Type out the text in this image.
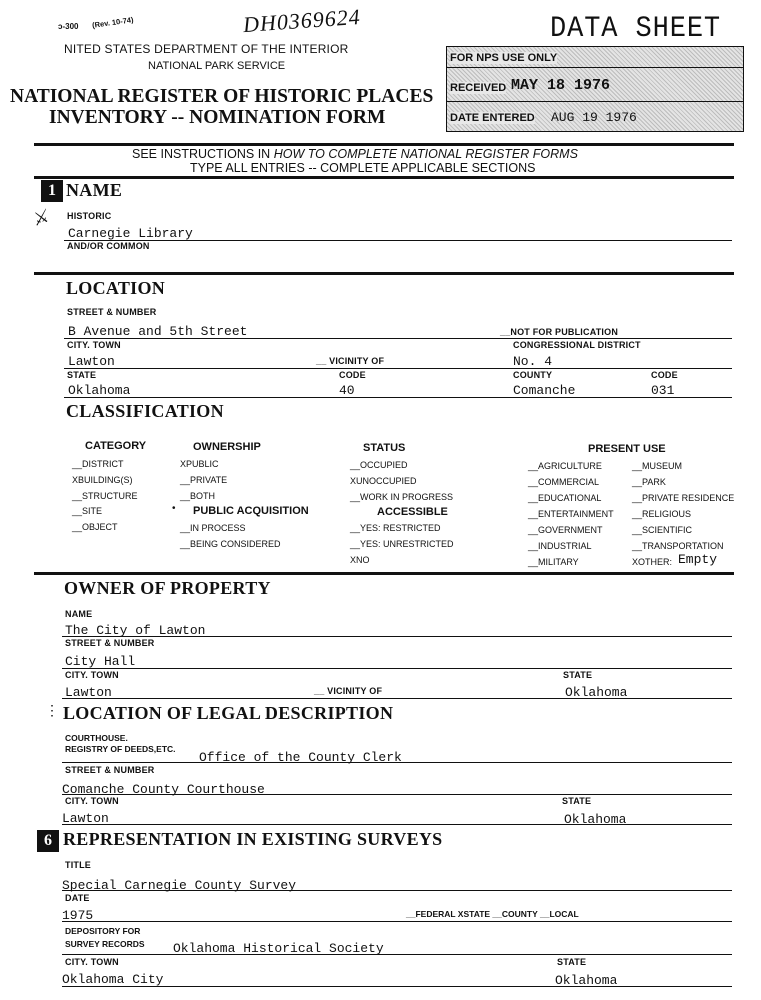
ɔ-300 (Rev. 10-74)	DH0369624	DATA SHEET
NITED STATES DEPARTMENT OF THE INTERIOR
NATIONAL PARK SERVICE
NATIONAL REGISTER OF HISTORIC PLACES
INVENTORY -- NOMINATION FORM
FOR NPS USE ONLY
RECEIVED MAY 18 1976
DATE ENTERED AUG 19 1976
SEE INSTRUCTIONS IN HOW TO COMPLETE NATIONAL REGISTER FORMS
TYPE ALL ENTRIES -- COMPLETE APPLICABLE SECTIONS
1 NAME
⚔ HISTORIC
Carnegie Library
AND/OR COMMON
LOCATION
STREET & NUMBER
B Avenue and 5th Street	__NOT FOR PUBLICATION
CITY. TOWN	CONGRESSIONAL DISTRICT
Lawton	__ VICINITY OF	No. 4
STATE	CODE	COUNTY	CODE
Oklahoma	40	Comanche	031
CLASSIFICATION
CATEGORY	OWNERSHIP	STATUS	PRESENT USE
__DISTRICT
XBUILDING(S)
__STRUCTURE
__SITE
__OBJECT
XPUBLIC
__PRIVATE
__BOTH
__IN PROCESS
__BEING CONSIDERED
__OCCUPIED
XUNOCCUPIED
__WORK IN PROGRESS
__YES: RESTRICTED
__YES: UNRESTRICTED
XNO
__AGRICULTURE
__COMMERCIAL
__EDUCATIONAL
__ENTERTAINMENT
__GOVERNMENT
__INDUSTRIAL
__MILITARY
__MUSEUM
__PARK
__PRIVATE RESIDENCE
__RELIGIOUS
__SCIENTIFIC
__TRANSPORTATION
XOTHER:
• PUBLIC ACQUISITION	ACCESSIBLE
Empty
OWNER OF PROPERTY
NAME
The City of Lawton
STREET & NUMBER
City Hall
CITY. TOWN	STATE
Lawton	__ VICINITY OF	Oklahoma
⋮ LOCATION OF LEGAL DESCRIPTION
COURTHOUSE.
REGISTRY OF DEEDS,ETC.
Office of the County Clerk
STREET & NUMBER
Comanche County Courthouse
CITY. TOWN	STATE
Lawton	Oklahoma
6 REPRESENTATION IN EXISTING SURVEYS
TITLE
Special Carnegie County Survey
DATE
1975	__FEDERAL XSTATE __COUNTY __LOCAL
DEPOSITORY FOR
SURVEY RECORDS Oklahoma Historical Society
CITY. TOWN	STATE
Oklahoma City	Oklahoma
